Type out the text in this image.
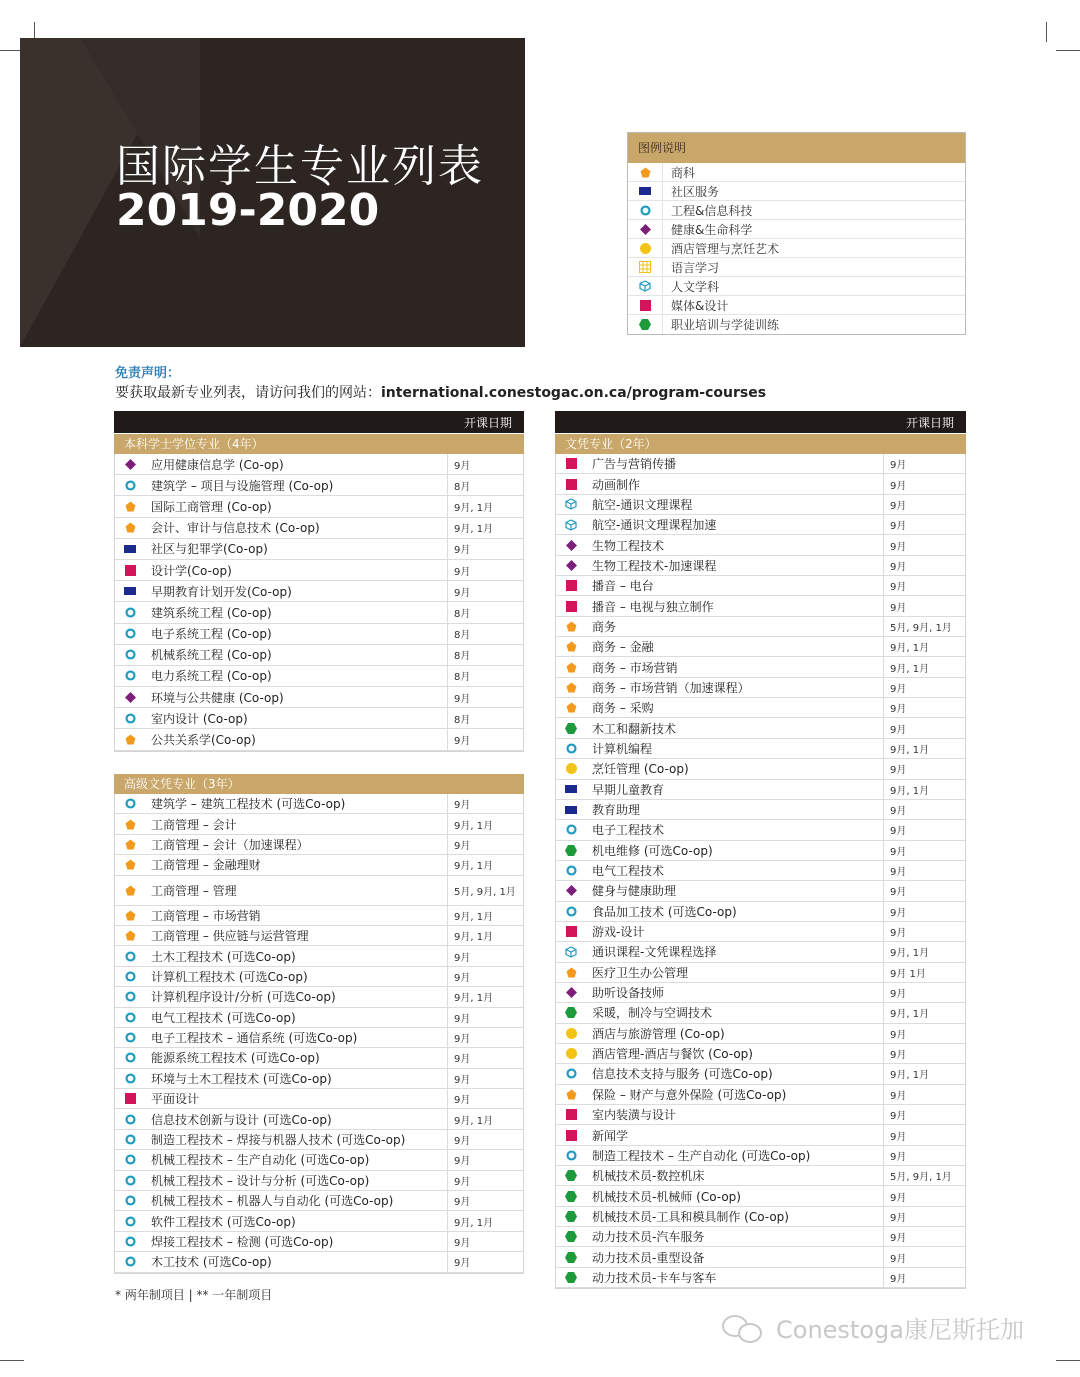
国际学生专业列表
2019-2020
图例说明
商科
社区服务
工程&信息科技
健康&生命科学
酒店管理与烹饪艺术
语言学习
人文学科
媒体&设计
职业培训与学徒训练
免责声明：
要获取最新专业列表，请访问我们的网站：international.conestogac.on.ca/program-courses
开课日期
本科学士学位专业（4年）
应用健康信息学 (Co-op)	9月
建筑学 – 项目与设施管理 (Co-op)	8月
国际工商管理 (Co-op)	9月, 1月
会计、审计与信息技术 (Co-op)	9月, 1月
社区与犯罪学(Co-op)	9月
设计学(Co-op)	9月
早期教育计划开发(Co-op)	9月
建筑系统工程 (Co-op)	8月
电子系统工程 (Co-op)	8月
机械系统工程 (Co-op)	8月
电力系统工程 (Co-op)	8月
环境与公共健康 (Co-op)	9月
室内设计 (Co-op)	8月
公共关系学(Co-op)	9月
高级文凭专业（3年）
建筑学 – 建筑工程技术 (可选Co-op)	9月
工商管理 – 会计	9月, 1月
工商管理 – 会计（加速课程）	9月
工商管理 – 金融理财	9月, 1月
工商管理 – 管理	5月, 9月, 1月
工商管理 – 市场营销	9月, 1月
工商管理 – 供应链与运营管理	9月, 1月
土木工程技术 (可选Co-op)	9月
计算机工程技术 (可选Co-op)	9月
计算机程序设计/分析 (可选Co-op)	9月, 1月
电气工程技术 (可选Co-op)	9月
电子工程技术 – 通信系统 (可选Co-op)	9月
能源系统工程技术 (可选Co-op)	9月
环境与土木工程技术 (可选Co-op)	9月
平面设计	9月
信息技术创新与设计 (可选Co-op)	9月, 1月
制造工程技术 – 焊接与机器人技术 (可选Co-op)	9月
机械工程技术 – 生产自动化 (可选Co-op)	9月
机械工程技术 – 设计与分析 (可选Co-op)	9月
机械工程技术 – 机器人与自动化 (可选Co-op)	9月
软件工程技术 (可选Co-op)	9月, 1月
焊接工程技术 – 检测 (可选Co-op)	9月
木工技术 (可选Co-op)	9月
开课日期
文凭专业（2年）
广告与营销传播	9月
动画制作	9月
航空-通识文理课程	9月
航空-通识文理课程加速	9月
生物工程技术	9月
生物工程技术-加速课程	9月
播音 – 电台	9月
播音 – 电视与独立制作	9月
商务	5月, 9月, 1月
商务 – 金融	9月, 1月
商务 – 市场营销	9月, 1月
商务 – 市场营销（加速课程）	9月
商务 – 采购	9月
木工和翻新技术	9月
计算机编程	9月, 1月
烹饪管理 (Co-op)	9月
早期儿童教育	9月, 1月
教育助理	9月
电子工程技术	9月
机电维修 (可选Co-op)	9月
电气工程技术	9月
健身与健康助理	9月
食品加工技术 (可选Co-op)	9月
游戏-设计	9月
通识课程-文凭课程选择	9月, 1月
医疗卫生办公管理	9月 1月
助听设备技师	9月
采暖，制冷与空调技术	9月, 1月
酒店与旅游管理 (Co-op)	9月
酒店管理-酒店与餐饮 (Co-op)	9月
信息技术支持与服务 (可选Co-op)	9月, 1月
保险 – 财产与意外保险 (可选Co-op)	9月
室内装潢与设计	9月
新闻学	9月
制造工程技术 – 生产自动化 (可选Co-op)	9月
机械技术员-数控机床	5月, 9月, 1月
机械技术员-机械师 (Co-op)	9月
机械技术员-工具和模具制作 (Co-op)	9月
动力技术员-汽车服务	9月
动力技术员-重型设备	9月
动力技术员-卡车与客车	9月
* 两年制项目 | ** 一年制项目
Conestoga康尼斯托加
